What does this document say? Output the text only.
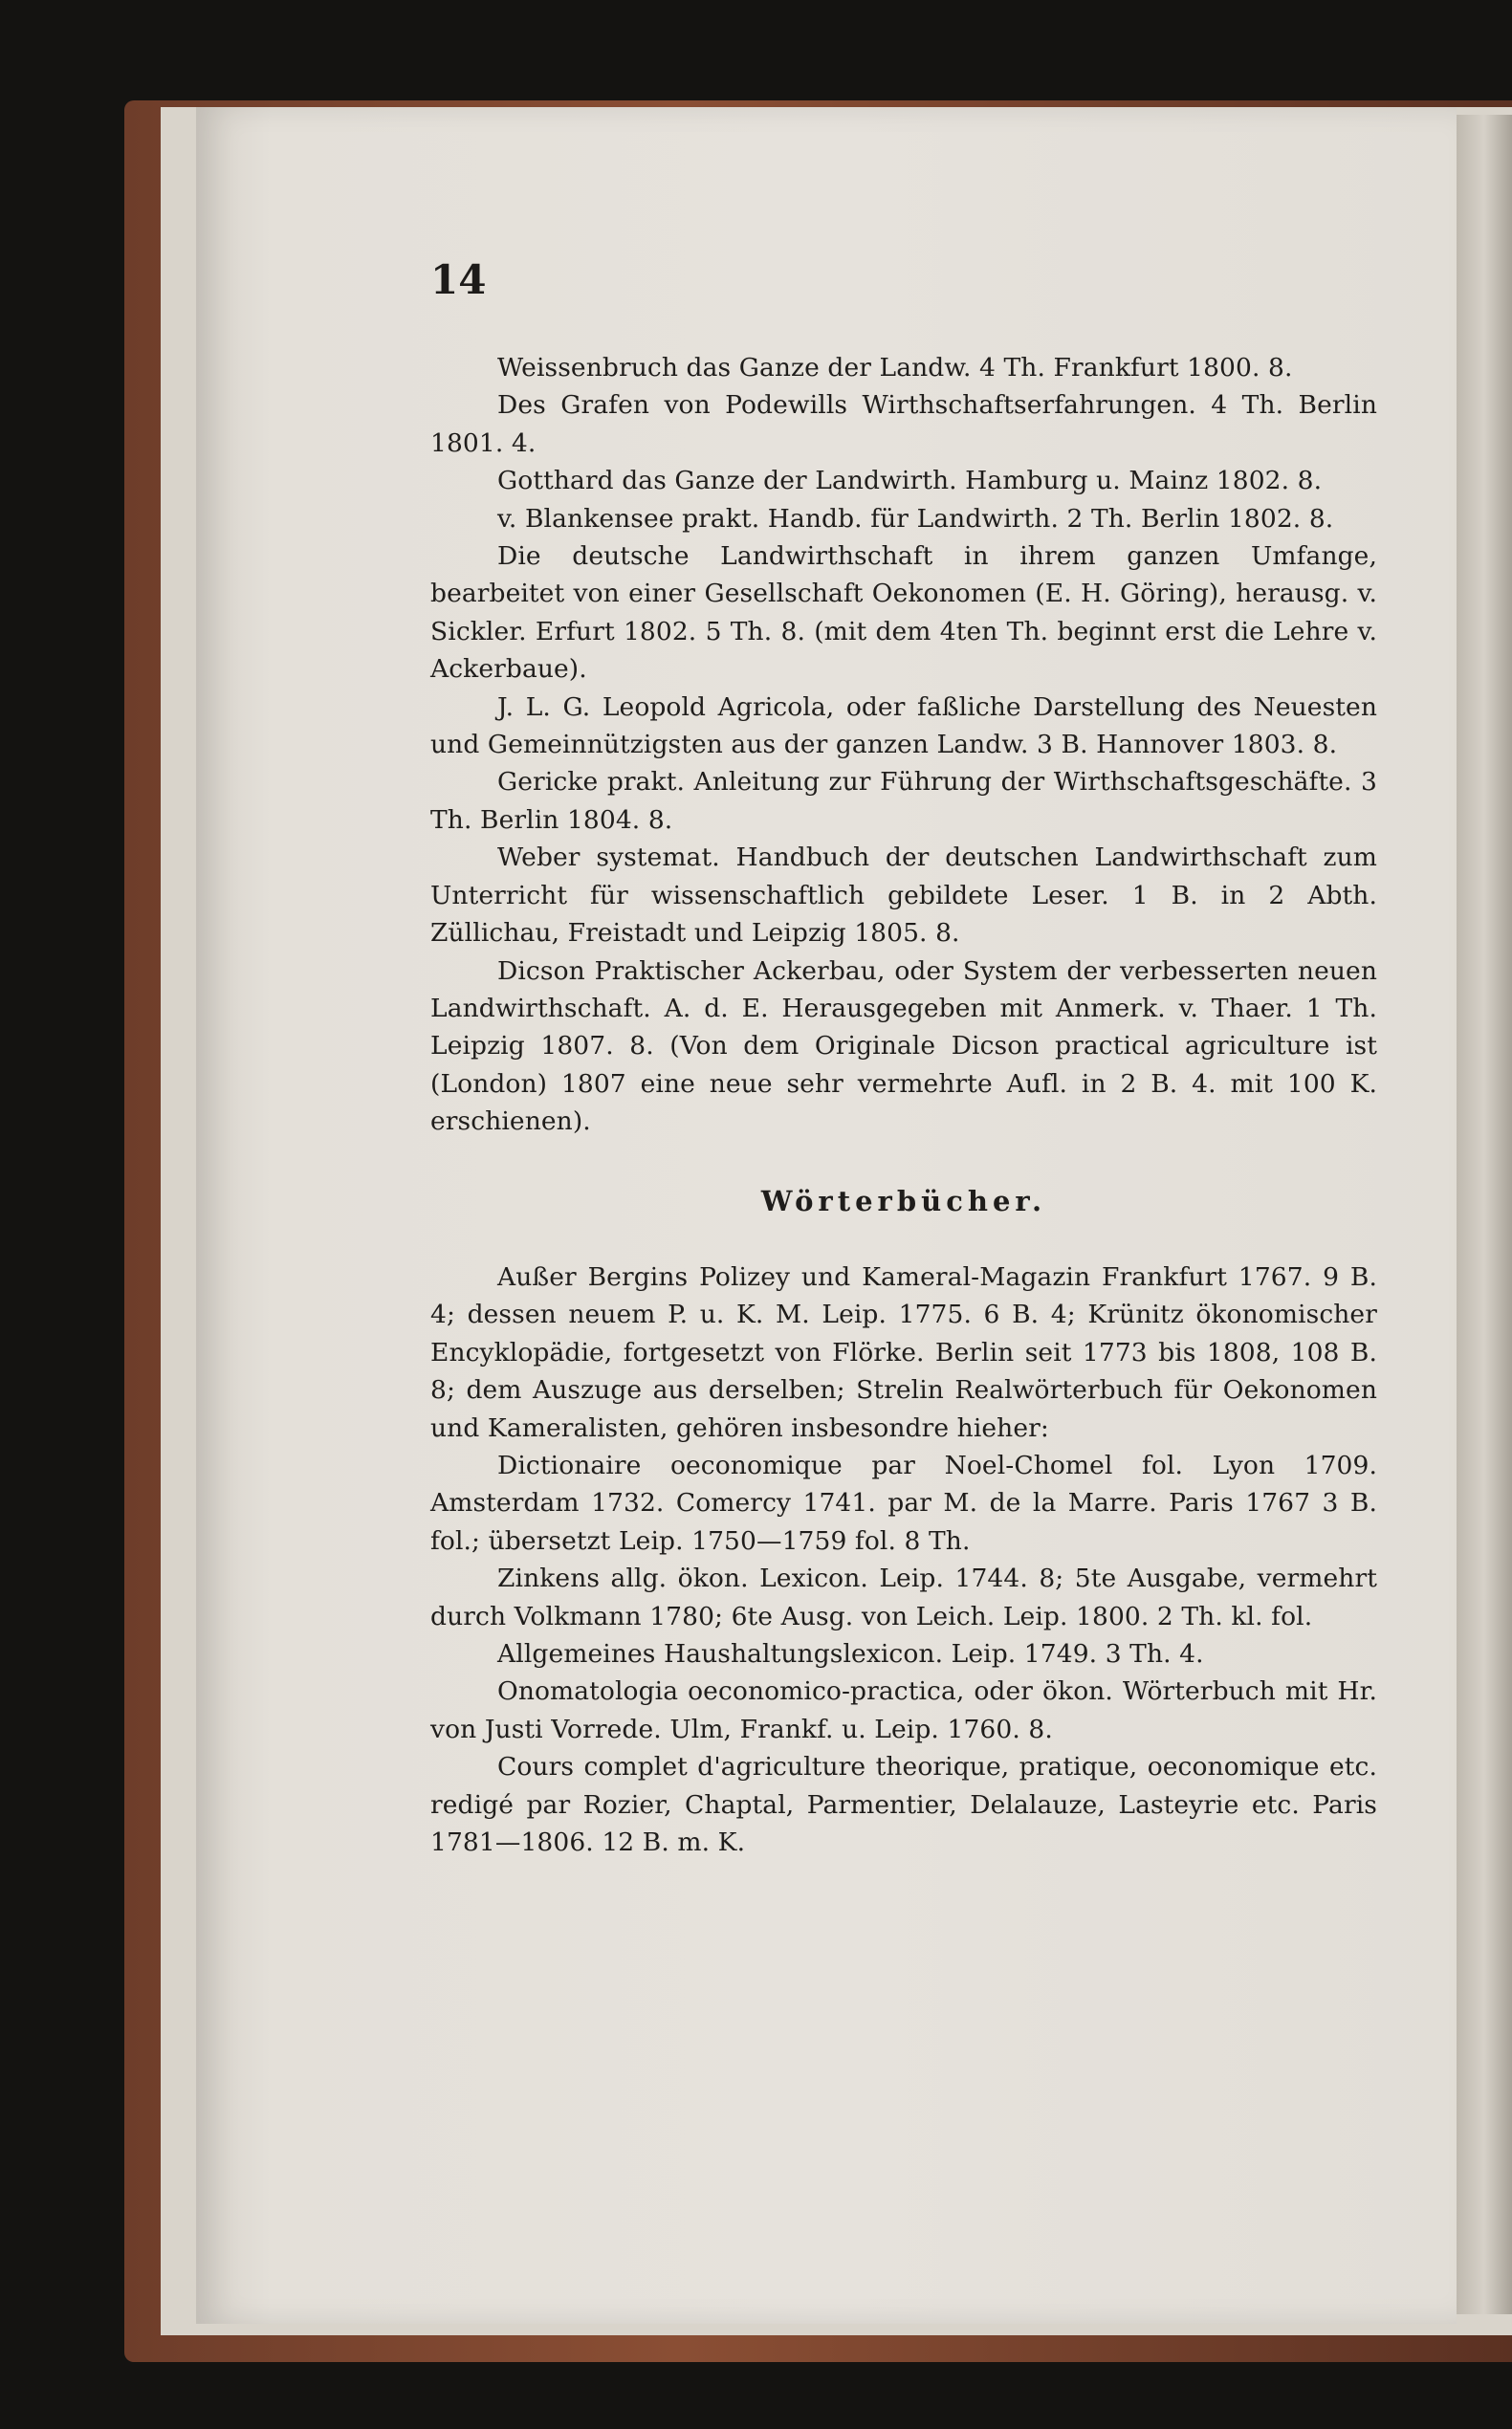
14

Weissenbruch das Ganze der Landw. 4 Th. Frankfurt 1800. 8.

Des Grafen von Podewills Wirthschaftserfahrungen. 4 Th. Berlin 1801. 4.

Gotthard das Ganze der Landwirth. Hamburg u. Mainz 1802. 8.

v. Blankensee prakt. Handb. für Landwirth. 2 Th. Berlin 1802. 8.

Die deutsche Landwirthschaft in ihrem ganzen Umfange, bearbeitet von einer Gesellschaft Oekonomen (E. H. Göring), herausg. v. Sickler. Erfurt 1802. 5 Th. 8. (mit dem 4ten Th. beginnt erst die Lehre v. Ackerbaue).

J. L. G. Leopold Agricola, oder faßliche Darstellung des Neuesten und Gemeinnützigsten aus der ganzen Landw. 3 B. Hannover 1803. 8.

Gericke prakt. Anleitung zur Führung der Wirthschaftsgeschäfte. 3 Th. Berlin 1804. 8.

Weber systemat. Handbuch der deutschen Landwirthschaft zum Unterricht für wissenschaftlich gebildete Leser. 1 B. in 2 Abth. Züllichau, Freistadt und Leipzig 1805. 8.

Dicson Praktischer Ackerbau, oder System der verbesserten neuen Landwirthschaft. A. d. E. Herausgegeben mit Anmerk. v. Thaer. 1 Th. Leipzig 1807. 8. (Von dem Originale Dicson practical agriculture ist (London) 1807 eine neue sehr vermehrte Aufl. in 2 B. 4. mit 100 K. erschienen).

Wörterbücher.

Außer Bergins Polizey und Kameral-Magazin Frankfurt 1767. 9 B. 4; dessen neuem P. u. K. M. Leip. 1775. 6 B. 4; Krünitz ökonomischer Encyklopädie, fortgesetzt von Flörke. Berlin seit 1773 bis 1808, 108 B. 8; dem Auszuge aus derselben; Strelin Realwörterbuch für Oekonomen und Kameralisten, gehören insbesondre hieher:

Dictionaire oeconomique par Noel-Chomel fol. Lyon 1709. Amsterdam 1732. Comercy 1741. par M. de la Marre. Paris 1767 3 B. fol.; übersetzt Leip. 1750—1759 fol. 8 Th.

Zinkens allg. ökon. Lexicon. Leip. 1744. 8; 5te Ausgabe, vermehrt durch Volkmann 1780; 6te Ausg. von Leich. Leip. 1800. 2 Th. kl. fol.

Allgemeines Haushaltungslexicon. Leip. 1749. 3 Th. 4.

Onomatologia oeconomico-practica, oder ökon. Wörterbuch mit Hr. von Justi Vorrede. Ulm, Frankf. u. Leip. 1760. 8.

Cours complet d'agriculture theorique, pratique, oeconomique etc. redigé par Rozier, Chaptal, Parmentier, Delalauze, Lasteyrie etc. Paris 1781—1806. 12 B. m. K.
